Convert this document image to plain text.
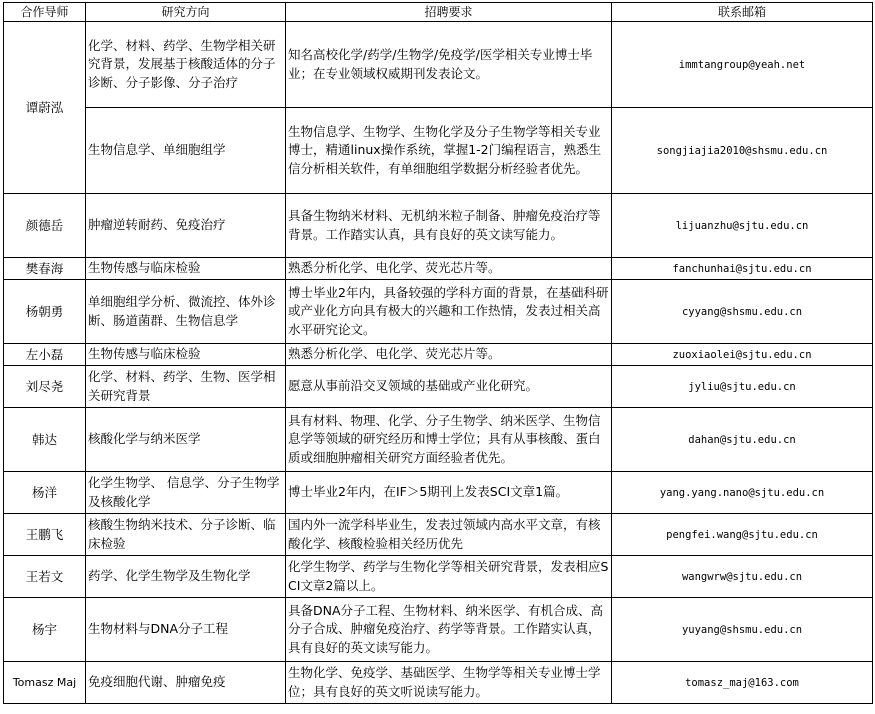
合作导师	研究方向	招聘要求	联系邮箱
谭蔚泓	化学、材料、药学、生物学相关研究背景，发展基于核酸适体的分子诊断、分子影像、分子治疗	知名高校化学/药学/生物学/免疫学/医学相关专业博士毕业；在专业领域权威期刊发表论文。	immtangroup@yeah.net
	生物信息学、单细胞组学	生物信息学、生物学、生物化学及分子生物学等相关专业博士，精通linux操作系统，掌握1-2门编程语言，熟悉生信分析相关软件，有单细胞组学数据分析经验者优先。	songjiajia2010@shsmu.edu.cn
颜德岳	肿瘤逆转耐药、免疫治疗	具备生物纳米材料、无机纳米粒子制备、肿瘤免疫治疗等背景。工作踏实认真，具有良好的英文读写能力。	lijuanzhu@sjtu.edu.cn
樊春海	生物传感与临床检验	熟悉分析化学、电化学、荧光芯片等。	fanchunhai@sjtu.edu.cn
杨朝勇	单细胞组学分析、微流控、体外诊断、肠道菌群、生物信息学	博士毕业2年内，具备较强的学科方面的背景，在基础科研或产业化方向具有极大的兴趣和工作热情，发表过相关高水平研究论文。	cyyang@shsmu.edu.cn
左小磊	生物传感与临床检验	熟悉分析化学、电化学、荧光芯片等。	zuoxiaolei@sjtu.edu.cn
刘尽尧	化学、材料、药学、生物、医学相关研究背景	愿意从事前沿交叉领域的基础或产业化研究。	jyliu@sjtu.edu.cn
韩达	核酸化学与纳米医学	具有材料、物理、化学、分子生物学、纳米医学、生物信息学等领域的研究经历和博士学位；具有从事核酸、蛋白质或细胞肿瘤相关研究方面经验者优先。	dahan@sjtu.edu.cn
杨洋	化学生物学、 信息学、分子生物学及核酸化学	博士毕业2年内，在IF＞5期刊上发表SCI文章1篇。	yang.yang.nano@sjtu.edu.cn
王鹏飞	核酸生物纳米技术、分子诊断、临床检验	国内外一流学科毕业生，发表过领域内高水平文章，有核酸化学、核酸检验相关经历优先	pengfei.wang@sjtu.edu.cn
王若文	药学、化学生物学及生物化学	化学生物学、药学与生物化学等相关研究背景，发表相应SCI文章2篇以上。	wangwrw@sjtu.edu.cn
杨宇	生物材料与DNA分子工程	具备DNA分子工程、生物材料、纳米医学、有机合成、高分子合成、肿瘤免疫治疗、药学等背景。工作踏实认真，具有良好的英文读写能力。	yuyang@shsmu.edu.cn
Tomasz Maj	免疫细胞代谢、肿瘤免疫	生物化学、免疫学、基础医学、生物学等相关专业博士学位；具有良好的英文听说读写能力。	tomasz_maj@163.com
